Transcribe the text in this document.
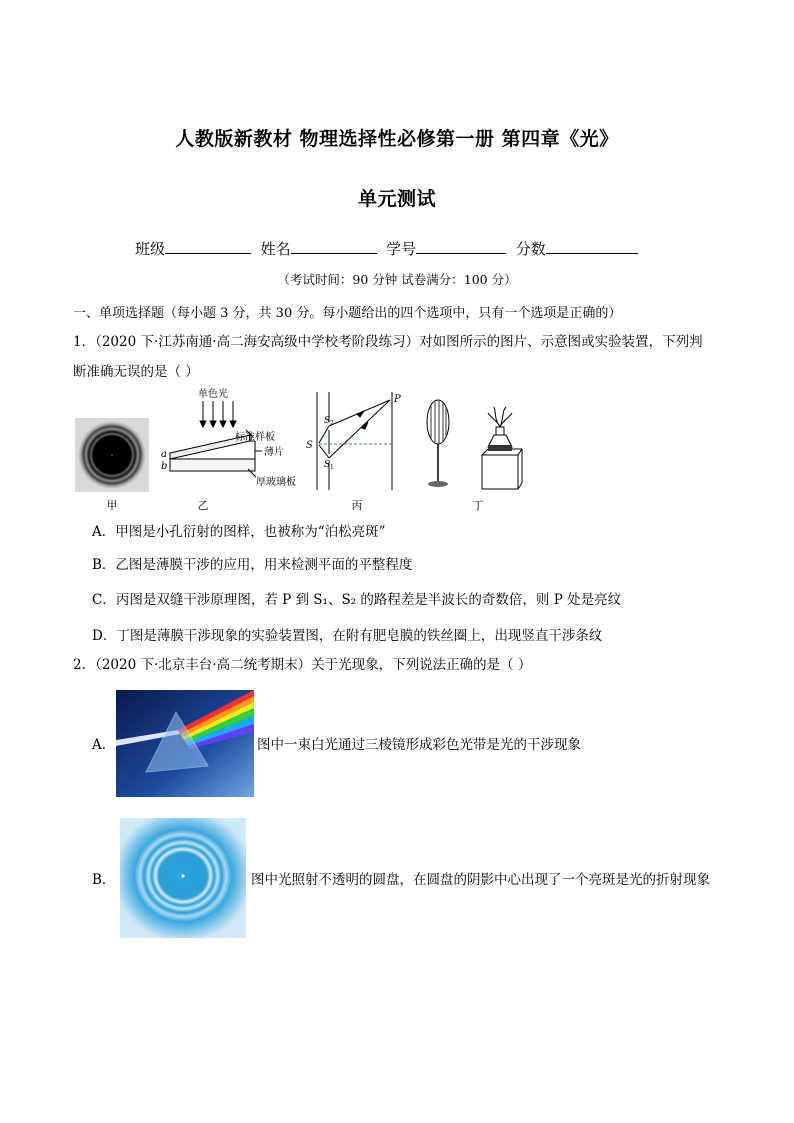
人教版新教材 物理选择性必修第一册 第四章《光》
单元测试
班级	姓名	学号	分数
（考试时间：90 分钟 试卷满分：100 分）
一、单项选择题（每小题 3 分，共 30 分。每小题给出的四个选项中，只有一个选项是正确的）
1．（2020 下·江苏南通·高二海安高级中学校考阶段练习）对如图所示的图片、示意图或实验装置，下列判
断准确无误的是（ ）
甲
单色光
标准样板
薄片
厚玻璃板
a
b
乙
S
S 2
S 1
P
丙	丁
A．甲图是小孔衍射的图样，也被称为“泊松亮斑”
B．乙图是薄膜干涉的应用，用来检测平面的平整程度
C．丙图是双缝干涉原理图，若 P 到 S₁、S₂ 的路程差是半波长的奇数倍，则 P 处是亮纹
D．丁图是薄膜干涉现象的实验装置图，在附有肥皂膜的铁丝圈上，出现竖直干涉条纹
2．（2020 下·北京丰台·高二统考期末）关于光现象，下列说法正确的是（ ）
A．	图中一束白光通过三棱镜形成彩色光带是光的干涉现象
B．	图中光照射不透明的圆盘，在圆盘的阴影中心出现了一个亮斑是光的折射现象
